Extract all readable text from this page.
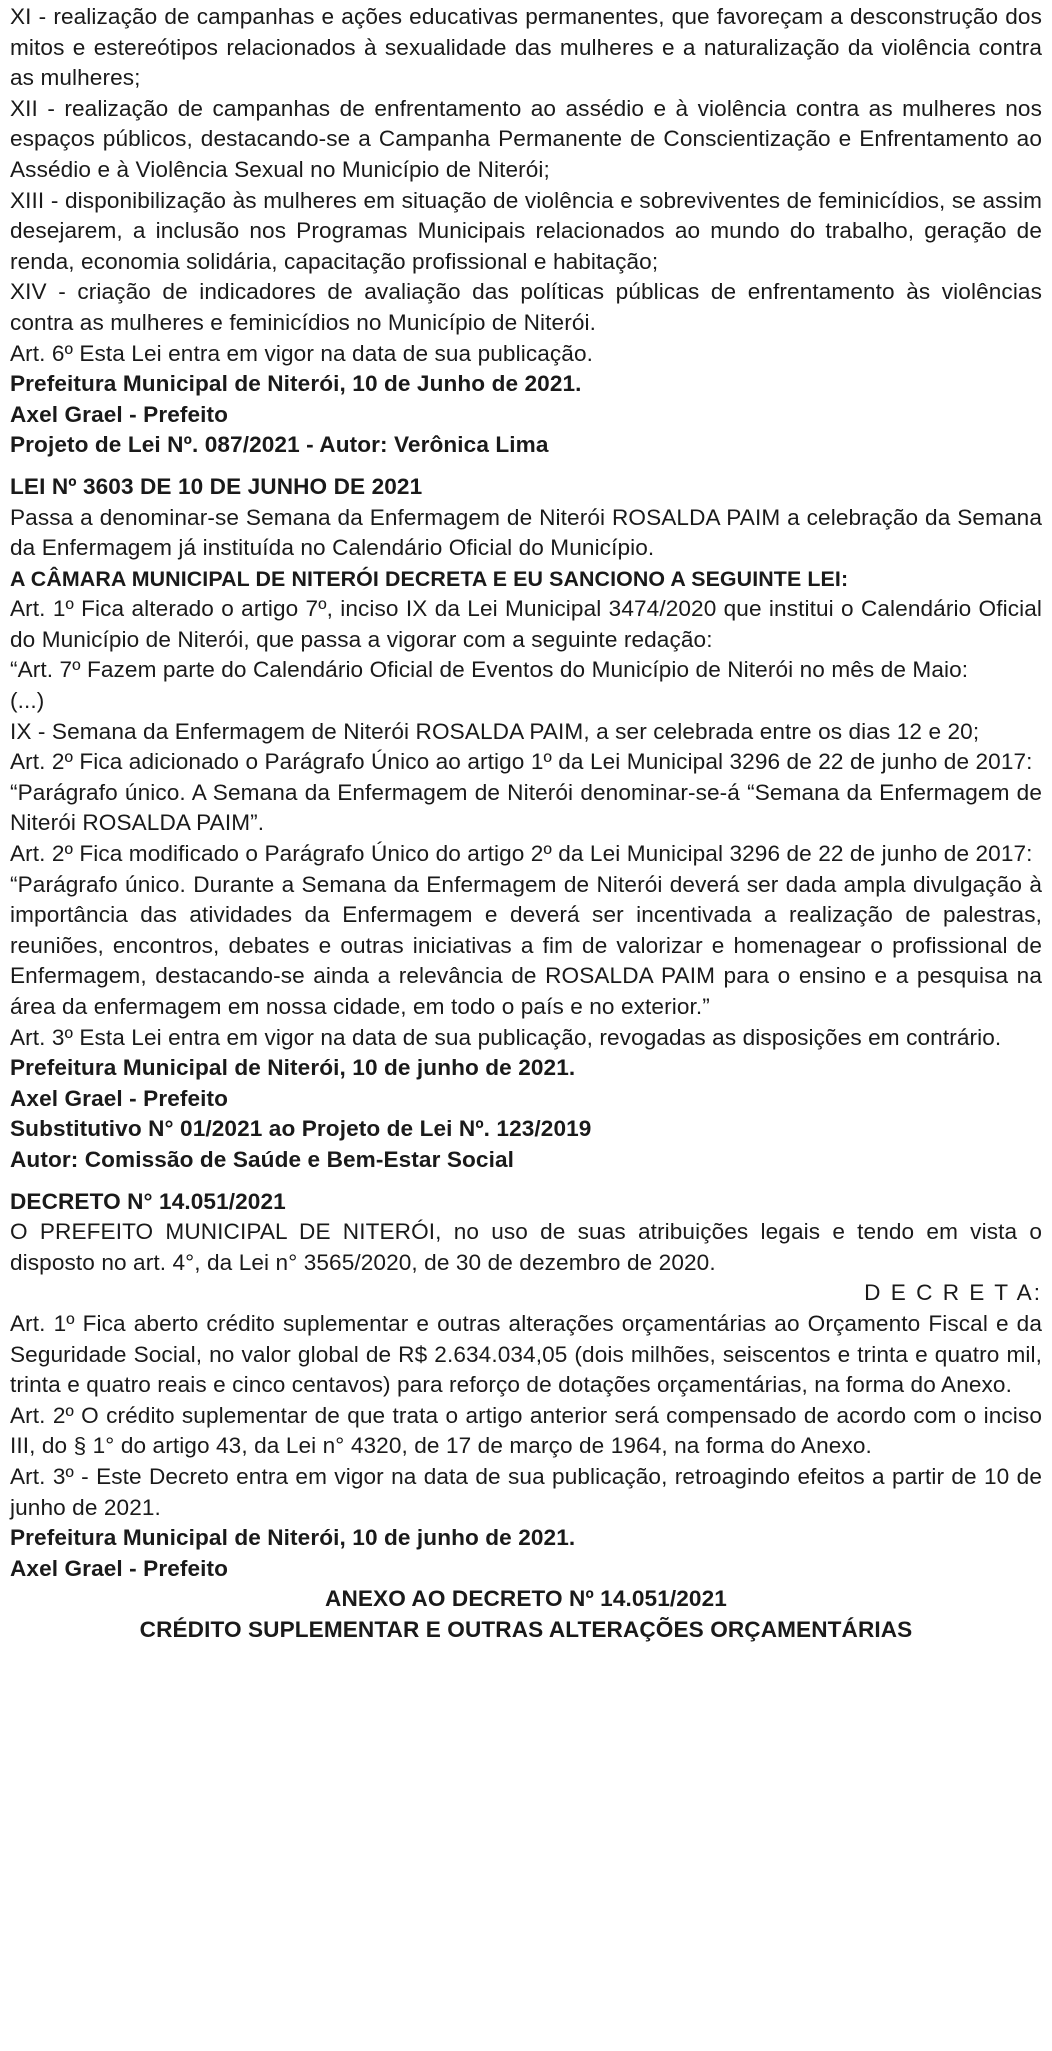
XI - realização de campanhas e ações educativas permanentes, que favoreçam a desconstrução dos mitos e estereótipos relacionados à sexualidade das mulheres e a naturalização da violência contra as mulheres;

XII - realização de campanhas de enfrentamento ao assédio e à violência contra as mulheres nos espaços públicos, destacando-se a Campanha Permanente de Conscientização e Enfrentamento ao Assédio e à Violência Sexual no Município de Niterói;

XIII - disponibilização às mulheres em situação de violência e sobreviventes de feminicídios, se assim desejarem, a inclusão nos Programas Municipais relacionados ao mundo do trabalho, geração de renda, economia solidária, capacitação profissional e habitação;

XIV - criação de indicadores de avaliação das políticas públicas de enfrentamento às violências contra as mulheres e feminicídios no Município de Niterói.

Art. 6º Esta Lei entra em vigor na data de sua publicação.

Prefeitura Municipal de Niterói, 10 de Junho de 2021.

Axel Grael - Prefeito

Projeto de Lei Nº. 087/2021 - Autor: Verônica Lima

LEI Nº 3603 DE 10 DE JUNHO DE 2021

Passa a denominar-se Semana da Enfermagem de Niterói ROSALDA PAIM a celebração da Semana da Enfermagem já instituída no Calendário Oficial do Município.

A CÂMARA MUNICIPAL DE NITERÓI DECRETA E EU SANCIONO A SEGUINTE LEI:

Art. 1º Fica alterado o artigo 7º, inciso IX da Lei Municipal 3474/2020 que institui o Calendário Oficial do Município de Niterói, que passa a vigorar com a seguinte redação:

“Art. 7º Fazem parte do Calendário Oficial de Eventos do Município de Niterói no mês de Maio:

(...)

IX - Semana da Enfermagem de Niterói ROSALDA PAIM, a ser celebrada entre os dias 12 e 20;

Art. 2º Fica adicionado o Parágrafo Único ao artigo 1º da Lei Municipal 3296 de 22 de junho de 2017:

“Parágrafo único. A Semana da Enfermagem de Niterói denominar-se-á “Semana da Enfermagem de Niterói ROSALDA PAIM”.

Art. 2º Fica modificado o Parágrafo Único do artigo 2º da Lei Municipal 3296 de 22 de junho de 2017:

“Parágrafo único. Durante a Semana da Enfermagem de Niterói deverá ser dada ampla divulgação à importância das atividades da Enfermagem e deverá ser incentivada a realização de palestras, reuniões, encontros, debates e outras iniciativas a fim de valorizar e homenagear o profissional de Enfermagem, destacando-se ainda a relevância de ROSALDA PAIM para o ensino e a pesquisa na área da enfermagem em nossa cidade, em todo o país e no exterior.”

Art. 3º Esta Lei entra em vigor na data de sua publicação, revogadas as disposições em contrário.

Prefeitura Municipal de Niterói, 10 de junho de 2021.

Axel Grael - Prefeito

Substitutivo N° 01/2021 ao Projeto de Lei Nº. 123/2019

Autor: Comissão de Saúde e Bem-Estar Social

DECRETO N° 14.051/2021

O PREFEITO MUNICIPAL DE NITERÓI, no uso de suas atribuições legais e tendo em vista o disposto no art. 4°, da Lei n° 3565/2020, de 30 de dezembro de 2020.

D E C R E T A:

Art. 1º Fica aberto crédito suplementar e outras alterações orçamentárias ao Orçamento Fiscal e da Seguridade Social, no valor global de R$ 2.634.034,05 (dois milhões, seiscentos e trinta e quatro mil, trinta e quatro reais e cinco centavos) para reforço de dotações orçamentárias, na forma do Anexo.

Art. 2º O crédito suplementar de que trata o artigo anterior será compensado de acordo com o inciso III, do § 1° do artigo 43, da Lei n° 4320, de 17 de março de 1964, na forma do Anexo.

Art. 3º - Este Decreto entra em vigor na data de sua publicação, retroagindo efeitos a partir de 10 de junho de 2021.

Prefeitura Municipal de Niterói, 10 de junho de 2021.

Axel Grael - Prefeito

ANEXO AO DECRETO Nº 14.051/2021

CRÉDITO SUPLEMENTAR E OUTRAS ALTERAÇÕES ORÇAMENTÁRIAS
